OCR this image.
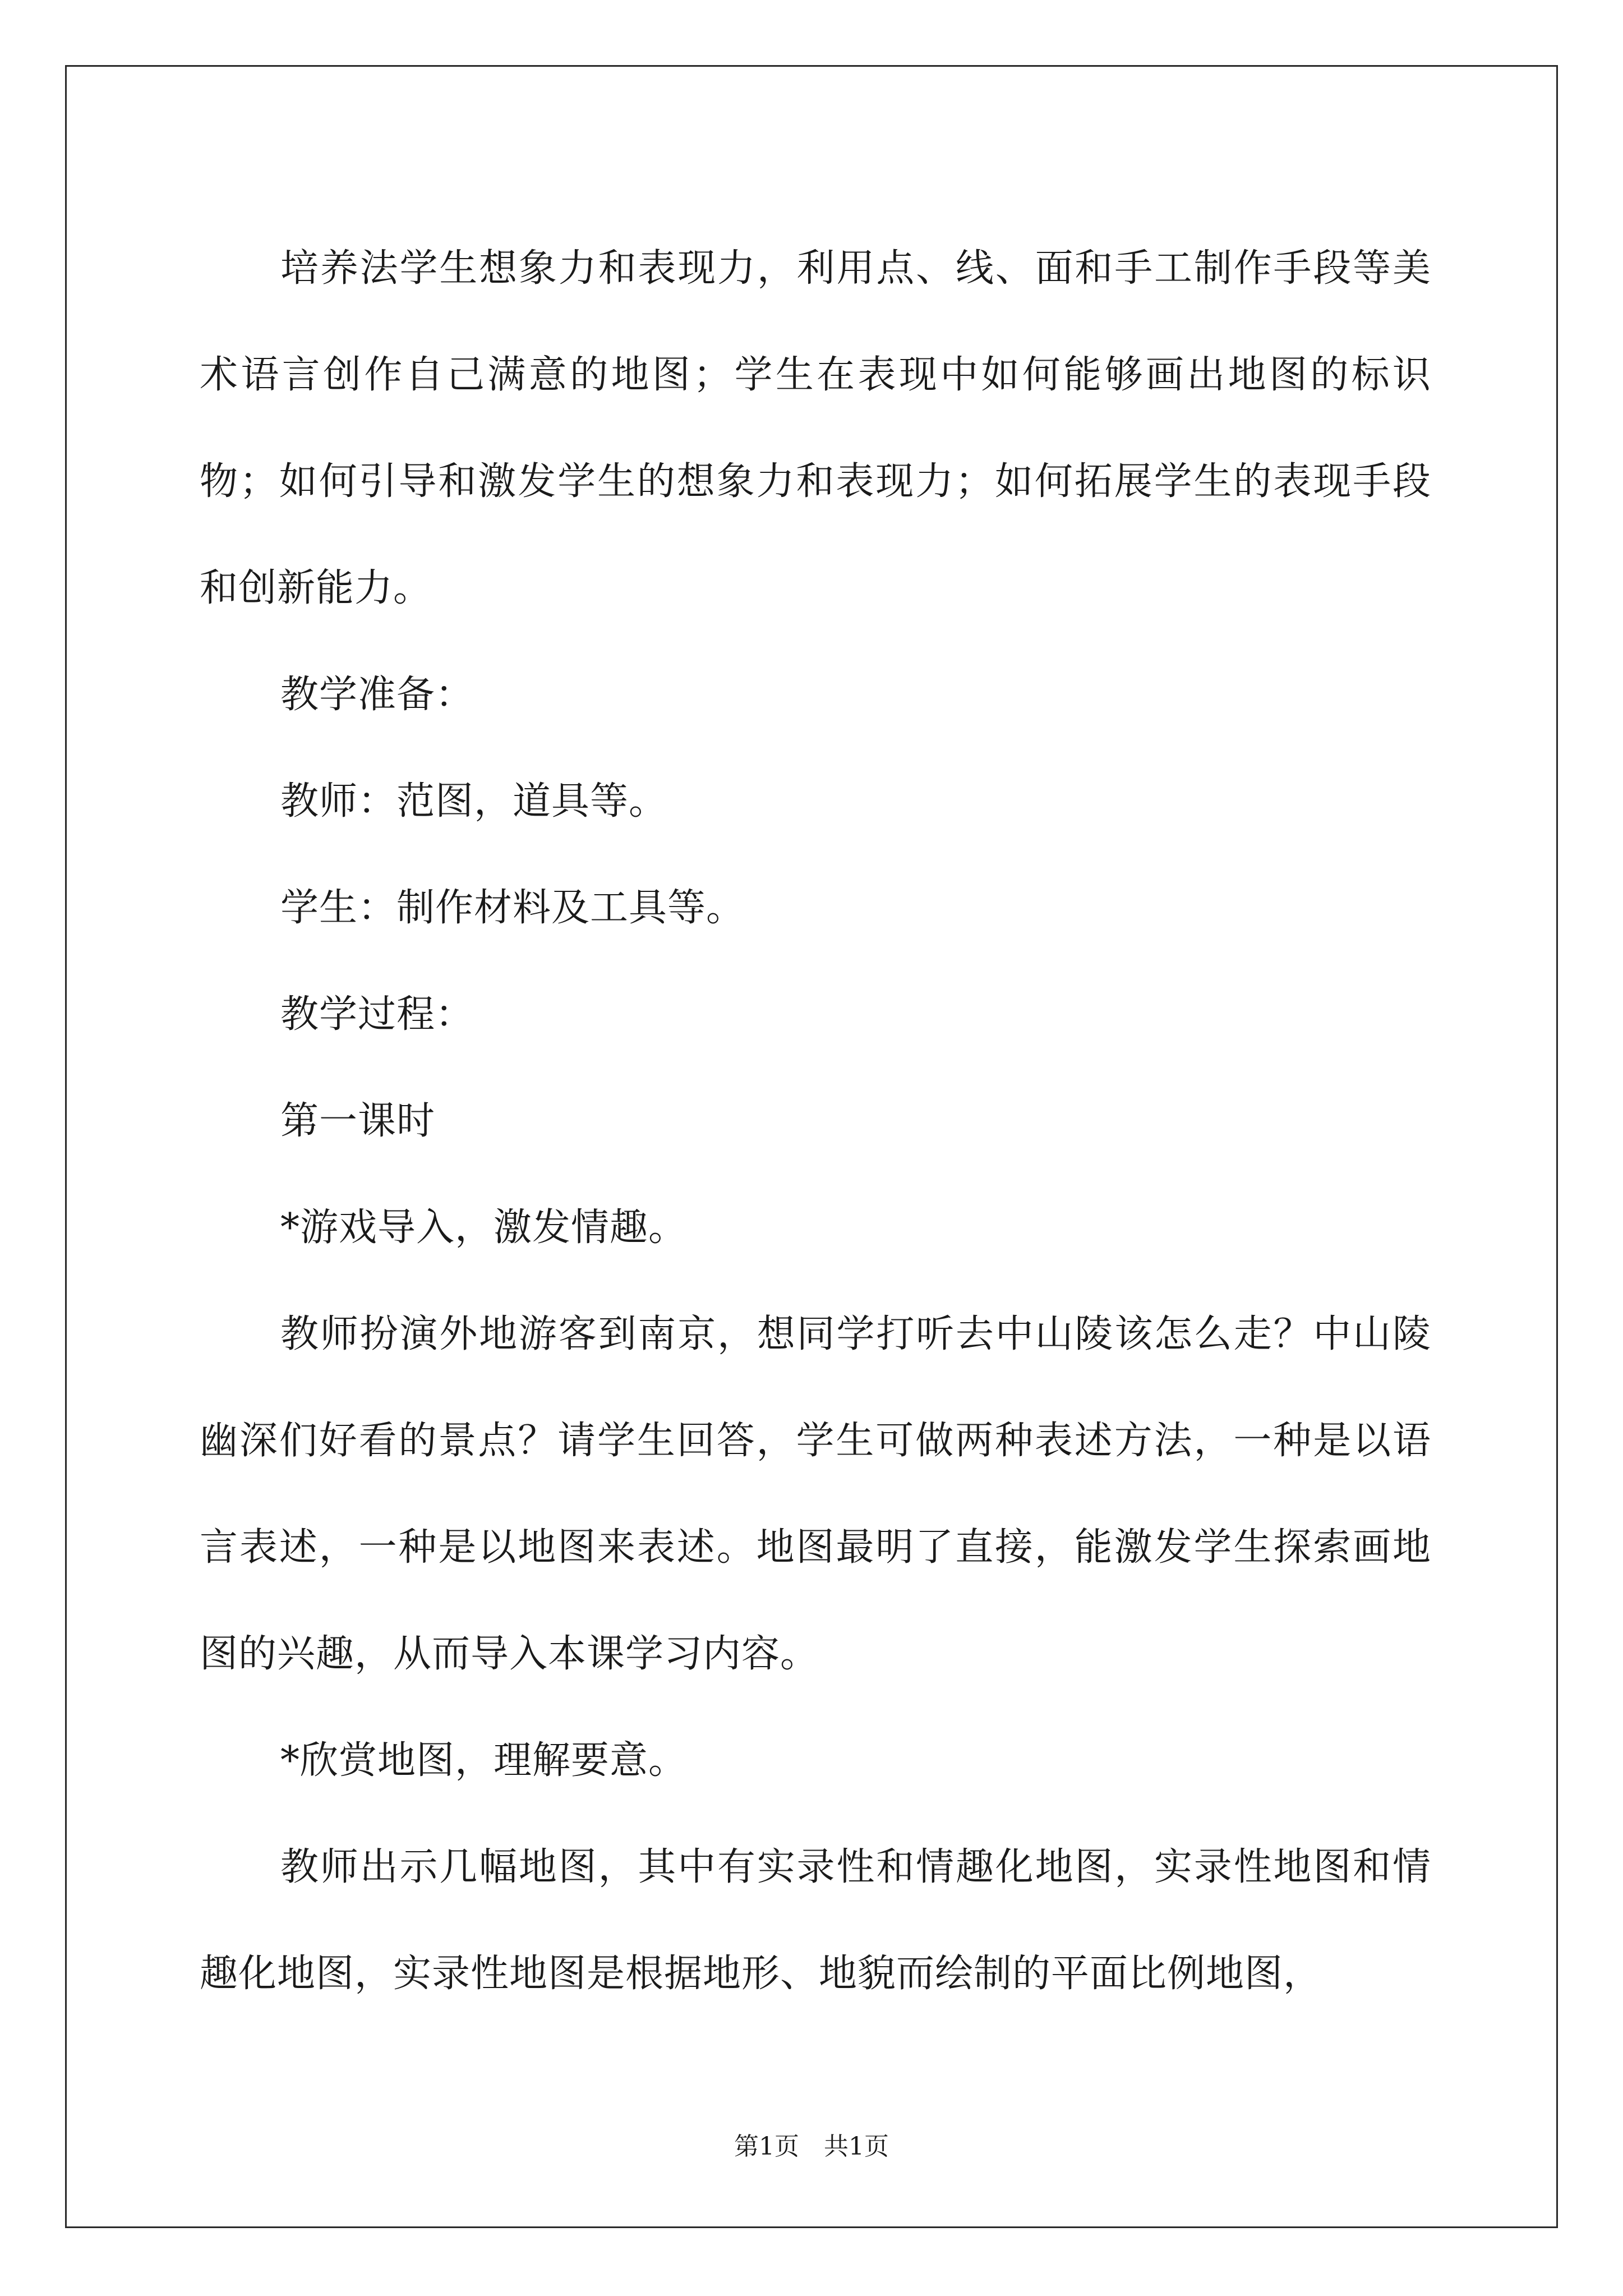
培养法学生想象力和表现力，利用点、线、面和手工制作手段等美术语言创作自己满意的地图；学生在表现中如何能够画出地图的标识物；如何引导和激发学生的想象力和表现力；如何拓展学生的表现手段和创新能力。

教学准备：

教师：范图，道具等。

学生：制作材料及工具等。

教学过程：

第一课时

*游戏导入，激发情趣。

教师扮演外地游客到南京，想同学打听去中山陵该怎么走？中山陵幽深们好看的景点？请学生回答，学生可做两种表述方法，一种是以语言表述，一种是以地图来表述。地图最明了直接，能激发学生探索画地图的兴趣，从而导入本课学习内容。

*欣赏地图，理解要意。

教师出示几幅地图，其中有实录性和情趣化地图，实录性地图和情趣化地图，实录性地图是根据地形、地貌而绘制的平面比例地图，

第1页 共1页
